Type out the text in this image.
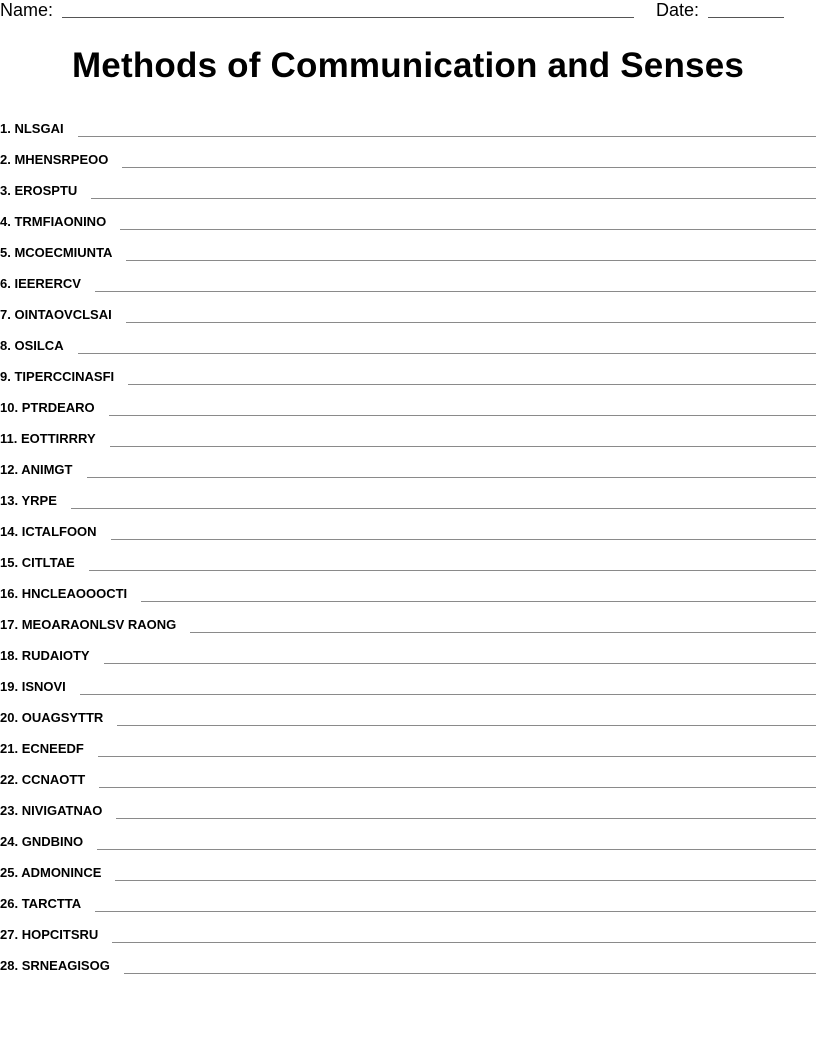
Name:	Date:
Methods of Communication and Senses
1. NLSGAI
2. MHENSRPEOO
3. EROSPTU
4. TRMFIAONINO
5. MCOECMIUNTA
6. IEERERCV
7. OINTAOVCLSAI
8. OSILCA
9. TIPERCCINASFI
10. PTRDEARO
11. EOTTIRRRY
12. ANIMGT
13. YRPE
14. ICTALFOON
15. CITLTAE
16. HNCLEAOOOCTI
17. MEOARAONLSV RAONG
18. RUDAIOTY
19. ISNOVI
20. OUAGSYTTR
21. ECNEEDF
22. CCNAOTT
23. NIVIGATNAO
24. GNDBINO
25. ADMONINCE
26. TARCTTA
27. HOPCITSRU
28. SRNEAGISOG
